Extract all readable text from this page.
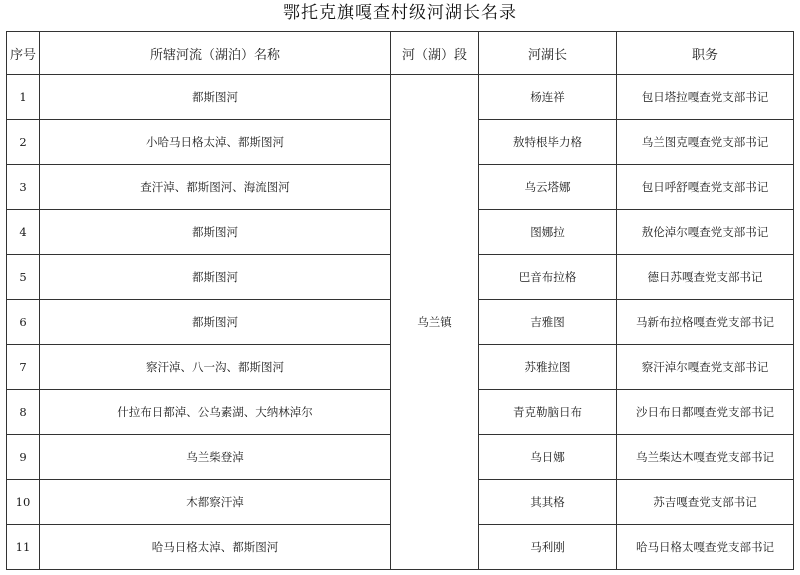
鄂托克旗嘎查村级河湖长名录
序号	所辖河流（湖泊）名称	河（湖）段	河湖长	职务
1	都斯图河	乌兰镇	杨连祥	包日塔拉嘎查党支部书记
2	小哈马日格太淖、都斯图河		敖特根毕力格	乌兰图克嘎查党支部书记
3	查汗淖、都斯图河、海流图河		乌云塔娜	包日呼舒嘎查党支部书记
4	都斯图河		图娜拉	敖伦淖尔嘎查党支部书记
5	都斯图河		巴音布拉格	德日苏嘎查党支部书记
6	都斯图河		吉雅图	马新布拉格嘎查党支部书记
7	察汗淖、八一沟、都斯图河		苏雅拉图	察汗淖尔嘎查党支部书记
8	什拉布日都淖、公乌素湖、大纳林淖尔		青克勒脑日布	沙日布日都嘎查党支部书记
9	乌兰柴登淖		乌日娜	乌兰柴达木嘎查党支部书记
10	木都察汗淖		其其格	苏吉嘎查党支部书记
11	哈马日格太淖、都斯图河		马利刚	哈马日格太嘎查党支部书记
